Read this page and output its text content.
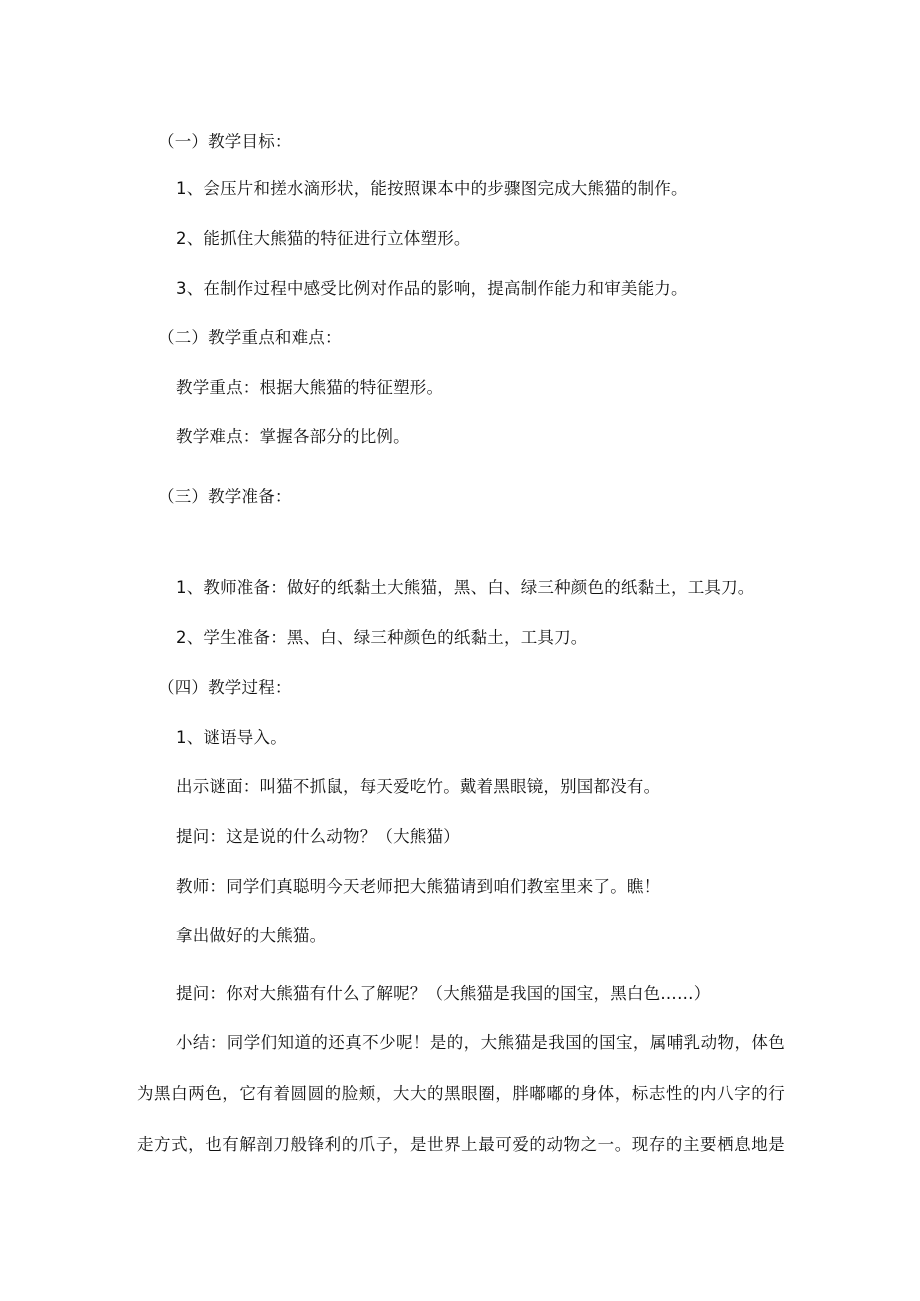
（一）教学目标：
1、会压片和搓水滴形状，能按照课本中的步骤图完成大熊猫的制作。
2、能抓住大熊猫的特征进行立体塑形。
3、在制作过程中感受比例对作品的影响，提高制作能力和审美能力。
（二）教学重点和难点：
教学重点：根据大熊猫的特征塑形。
教学难点：掌握各部分的比例。
（三）教学准备：
1、教师准备：做好的纸黏土大熊猫，黑、白、绿三种颜色的纸黏土，工具刀。
2、学生准备：黑、白、绿三种颜色的纸黏土，工具刀。
（四）教学过程：
1、谜语导入。
出示谜面：叫猫不抓鼠，每天爱吃竹。戴着黑眼镜，别国都没有。
提问：这是说的什么动物？（大熊猫）
教师：同学们真聪明今天老师把大熊猫请到咱们教室里来了。瞧！
拿出做好的大熊猫。
提问：你对大熊猫有什么了解呢？（大熊猫是我国的国宝，黑白色……）
小结：同学们知道的还真不少呢！是的，大熊猫是我国的国宝，属哺乳动物，体色
为黑白两色，它有着圆圆的脸颊，大大的黑眼圈，胖嘟嘟的身体，标志性的内八字的行
走方式，也有解剖刀般锋利的爪子，是世界上最可爱的动物之一。现存的主要栖息地是
